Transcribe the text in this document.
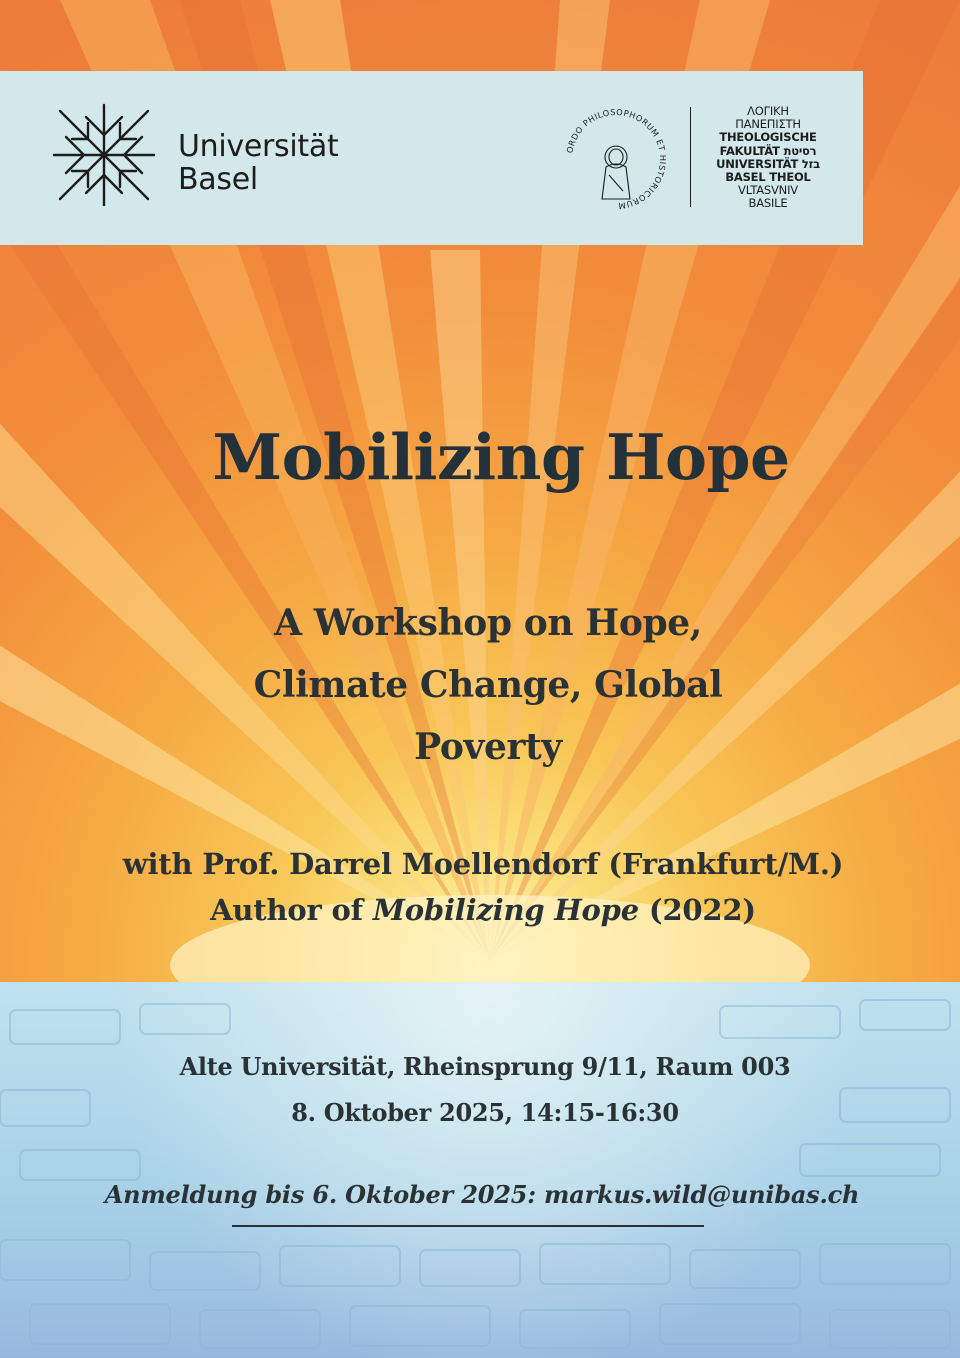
Universität
Basel
ORDO PHILOSOPHORUM ET HISTORICORUM
ΛΟΓΙΚΗ
ΠΑΝΕΠΙΣΤΗ
THEOLOGISCHE
FAKULTÄT רסיטת
UNIVERSITÄT בזל
BASEL THEOL
VLTASVNIV
BASILE
Mobilizing Hope
A Workshop on Hope,
Climate Change, Global
Poverty
with Prof. Darrel Moellendorf (Frankfurt/M.)
Author of Mobilizing Hope (2022)
Alte Universität, Rheinsprung 9/11, Raum 003
8. Oktober 2025, 14:15-16:30
Anmeldung bis 6. Oktober 2025: markus.wild@unibas.ch
